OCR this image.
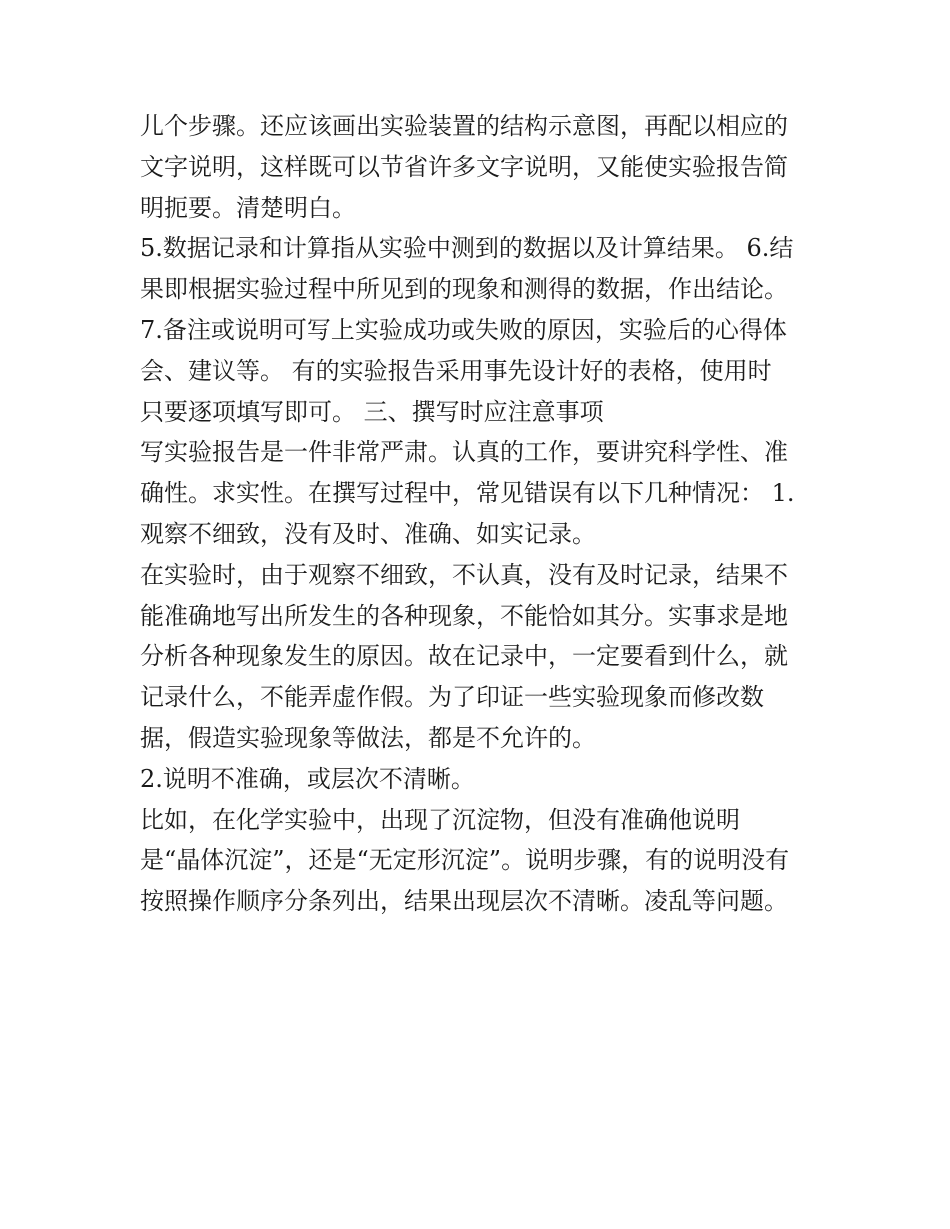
儿个步骤。还应该画出实验装置的结构示意图，再配以相应的
文字说明，这样既可以节省许多文字说明，又能使实验报告简
明扼要。清楚明白。
5.数据记录和计算指从实验中测到的数据以及计算结果。 6.结
果即根据实验过程中所见到的现象和测得的数据，作出结论。
7.备注或说明可写上实验成功或失败的原因，实验后的心得体
会、建议等。 有的实验报告采用事先设计好的表格，使用时
只要逐项填写即可。 三、撰写时应注意事项
写实验报告是一件非常严肃。认真的工作，要讲究科学性、准
确性。求实性。在撰写过程中，常见错误有以下几种情况： 1.
观察不细致，没有及时、准确、如实记录。
在实验时，由于观察不细致，不认真，没有及时记录，结果不
能准确地写出所发生的各种现象，不能恰如其分。实事求是地
分析各种现象发生的原因。故在记录中，一定要看到什么，就
记录什么，不能弄虚作假。为了印证一些实验现象而修改数
据，假造实验现象等做法，都是不允许的。
2.说明不准确，或层次不清晰。
比如，在化学实验中，出现了沉淀物，但没有准确他说明
是“晶体沉淀”，还是“无定形沉淀”。说明步骤，有的说明没有
按照操作顺序分条列出，结果出现层次不清晰。凌乱等问题。
